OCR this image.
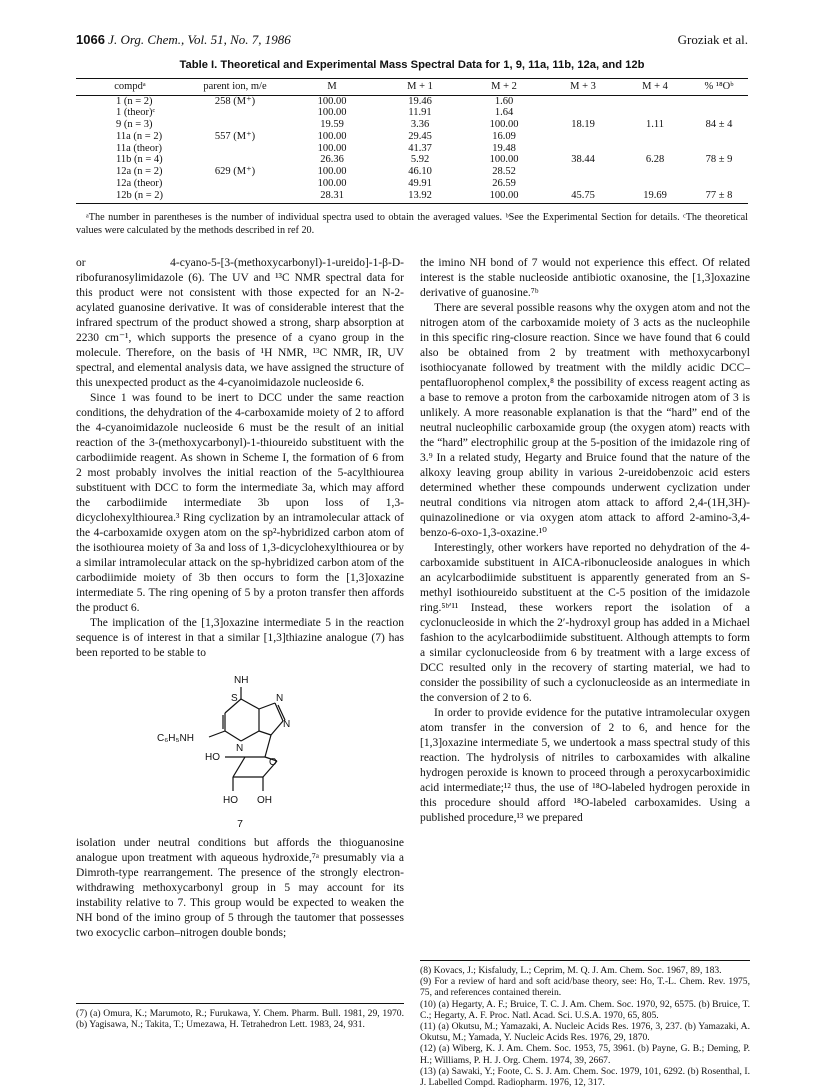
1066 J. Org. Chem., Vol. 51, No. 7, 1986	Groziak et al.
Table I. Theoretical and Experimental Mass Spectral Data for 1, 9, 11a, 11b, 12a, and 12b
compdᵃ	parent ion, m/e	M	M + 1	M + 2	M + 3	M + 4	% ¹⁸Oᵇ
1 (n = 2)	258 (M⁺)	100.00	19.46	1.60			
1 (theor)ᶜ		100.00	11.91	1.64			
9 (n = 3)		19.59	3.36	100.00	18.19	1.11	84 ± 4
11a (n = 2)	557 (M⁺)	100.00	29.45	16.09			
11a (theor)		100.00	41.37	19.48			
11b (n = 4)		26.36	5.92	100.00	38.44	6.28	78 ± 9
12a (n = 2)	629 (M⁺)	100.00	46.10	28.52			
12a (theor)		100.00	49.91	26.59			
12b (n = 2)		28.31	13.92	100.00	45.75	19.69	77 ± 8
ᵃThe number in parentheses is the number of individual spectra used to obtain the averaged values. ᵇSee the Experimental Section for details. ᶜThe theoretical values were calculated by the methods described in ref 20.

or 4-cyano-5-[3-(methoxycarbonyl)-1-ureido]-1-β-D-ribofuranosylimidazole (6). The UV and ¹³C NMR spectral data for this product were not consistent with those expected for an N-2-acylated guanosine derivative. It was of considerable interest that the infrared spectrum of the product showed a strong, sharp absorption at 2230 cm⁻¹, which supports the presence of a cyano group in the molecule. Therefore, on the basis of ¹H NMR, ¹³C NMR, IR, UV spectral, and elemental analysis data, we have assigned the structure of this unexpected product as the 4-cyanoimidazole nucleoside 6.

Since 1 was found to be inert to DCC under the same reaction conditions, the dehydration of the 4-carboxamide moiety of 2 to afford the 4-cyanoimidazole nucleoside 6 must be the result of an initial reaction of the 3-(methoxycarbonyl)-1-thioureido substituent with the carbodiimide reagent. As shown in Scheme I, the formation of 6 from 2 most probably involves the initial reaction of the 5-acylthiourea substituent with DCC to form the intermediate 3a, which may afford the carbodiimide intermediate 3b upon loss of 1,3-dicyclohexylthiourea.³ Ring cyclization by an intramolecular attack of the 4-carboxamide oxygen atom on the sp²-hybridized carbon atom of the isothiourea moiety of 3a and loss of 1,3-dicyclohexylthiourea or by a similar intramolecular attack on the sp-hybridized carbon atom of the carbodiimide moiety of 3b then occurs to form the [1,3]oxazine intermediate 5. The ring opening of 5 by a proton transfer then affords the product 6.

The implication of the [1,3]oxazine intermediate 5 in the reaction sequence is of interest in that a similar [1,3]thiazine analogue (7) has been reported to be stable to

NH
S	N
N
N
C₆H₅NH
O
HO
HO OH
7

isolation under neutral conditions but affords the thioguanosine analogue upon treatment with aqueous hydroxide,⁷ᵃ presumably via a Dimroth-type rearrangement. The presence of the strongly electron-withdrawing methoxycarbonyl group in 5 may account for its instability relative to 7. This group would be expected to weaken the NH bond of the imino group of 5 through the tautomer that possesses two exocyclic carbon–nitrogen double bonds;

(7) (a) Omura, K.; Marumoto, R.; Furukawa, Y. Chem. Pharm. Bull. 1981, 29, 1970. (b) Yagisawa, N.; Takita, T.; Umezawa, H. Tetrahedron Lett. 1983, 24, 931.

the imino NH bond of 7 would not experience this effect. Of related interest is the stable nucleoside antibiotic oxanosine, the [1,3]oxazine derivative of guanosine.⁷ᵇ

There are several possible reasons why the oxygen atom and not the nitrogen atom of the carboxamide moiety of 3 acts as the nucleophile in this specific ring-closure reaction. Since we have found that 6 could also be obtained from 2 by treatment with methoxycarbonyl isothiocyanate followed by treatment with the mildly acidic DCC–pentafluorophenol complex,⁸ the possibility of excess reagent acting as a base to remove a proton from the carboxamide nitrogen atom of 3 is unlikely. A more reasonable explanation is that the “hard” end of the neutral nucleophilic carboxamide group (the oxygen atom) reacts with the “hard” electrophilic group at the 5-position of the imidazole ring of 3.⁹ In a related study, Hegarty and Bruice found that the nature of the alkoxy leaving group ability in various 2-ureidobenzoic acid esters determined whether these compounds underwent cyclization under neutral conditions via nitrogen atom attack to afford 2,4-(1H,3H)-quinazolinedione or via oxygen atom attack to afford 2-amino-3,4-benzo-6-oxo-1,3-oxazine.¹⁰

Interestingly, other workers have reported no dehydration of the 4-carboxamide substituent in AICA-ribonucleoside analogues in which an acylcarbodiimide substituent is apparently generated from an S-methyl isothioureido substituent at the C-5 position of the imidazole ring.⁵ᵇʹ¹¹ Instead, these workers report the isolation of a cyclonucleoside in which the 2′-hydroxyl group has added in a Michael fashion to the acylcarbodiimide substituent. Although attempts to form a similar cyclonucleoside from 6 by treatment with a large excess of DCC resulted only in the recovery of starting material, we had to consider the possibility of such a cyclonucleoside as an intermediate in the conversion of 2 to 6.

In order to provide evidence for the putative intramolecular oxygen atom transfer in the conversion of 2 to 6, and hence for the [1,3]oxazine intermediate 5, we undertook a mass spectral study of this reaction. The hydrolysis of nitriles to carboxamides with alkaline hydrogen peroxide is known to proceed through a peroxycarboximidic acid intermediate;¹² thus, the use of ¹⁸O-labeled hydrogen peroxide in this procedure should afford ¹⁸O-labeled carboxamides. Using a published procedure,¹³ we prepared

(8) Kovacs, J.; Kisfaludy, L.; Ceprim, M. Q. J. Am. Chem. Soc. 1967, 89, 183.

(9) For a review of hard and soft acid/base theory, see: Ho, T.-L. Chem. Rev. 1975, 75, and references contained therein.

(10) (a) Hegarty, A. F.; Bruice, T. C. J. Am. Chem. Soc. 1970, 92, 6575. (b) Bruice, T. C.; Hegarty, A. F. Proc. Natl. Acad. Sci. U.S.A. 1970, 65, 805.

(11) (a) Okutsu, M.; Yamazaki, A. Nucleic Acids Res. 1976, 3, 237. (b) Yamazaki, A. Okutsu, M.; Yamada, Y. Nucleic Acids Res. 1976, 29, 1870.

(12) (a) Wiberg, K. J. Am. Chem. Soc. 1953, 75, 3961. (b) Payne, G. B.; Deming, P. H.; Williams, P. H. J. Org. Chem. 1974, 39, 2667.

(13) (a) Sawaki, Y.; Foote, C. S. J. Am. Chem. Soc. 1979, 101, 6292. (b) Rosenthal, I. J. Labelled Compd. Radiopharm. 1976, 12, 317.
